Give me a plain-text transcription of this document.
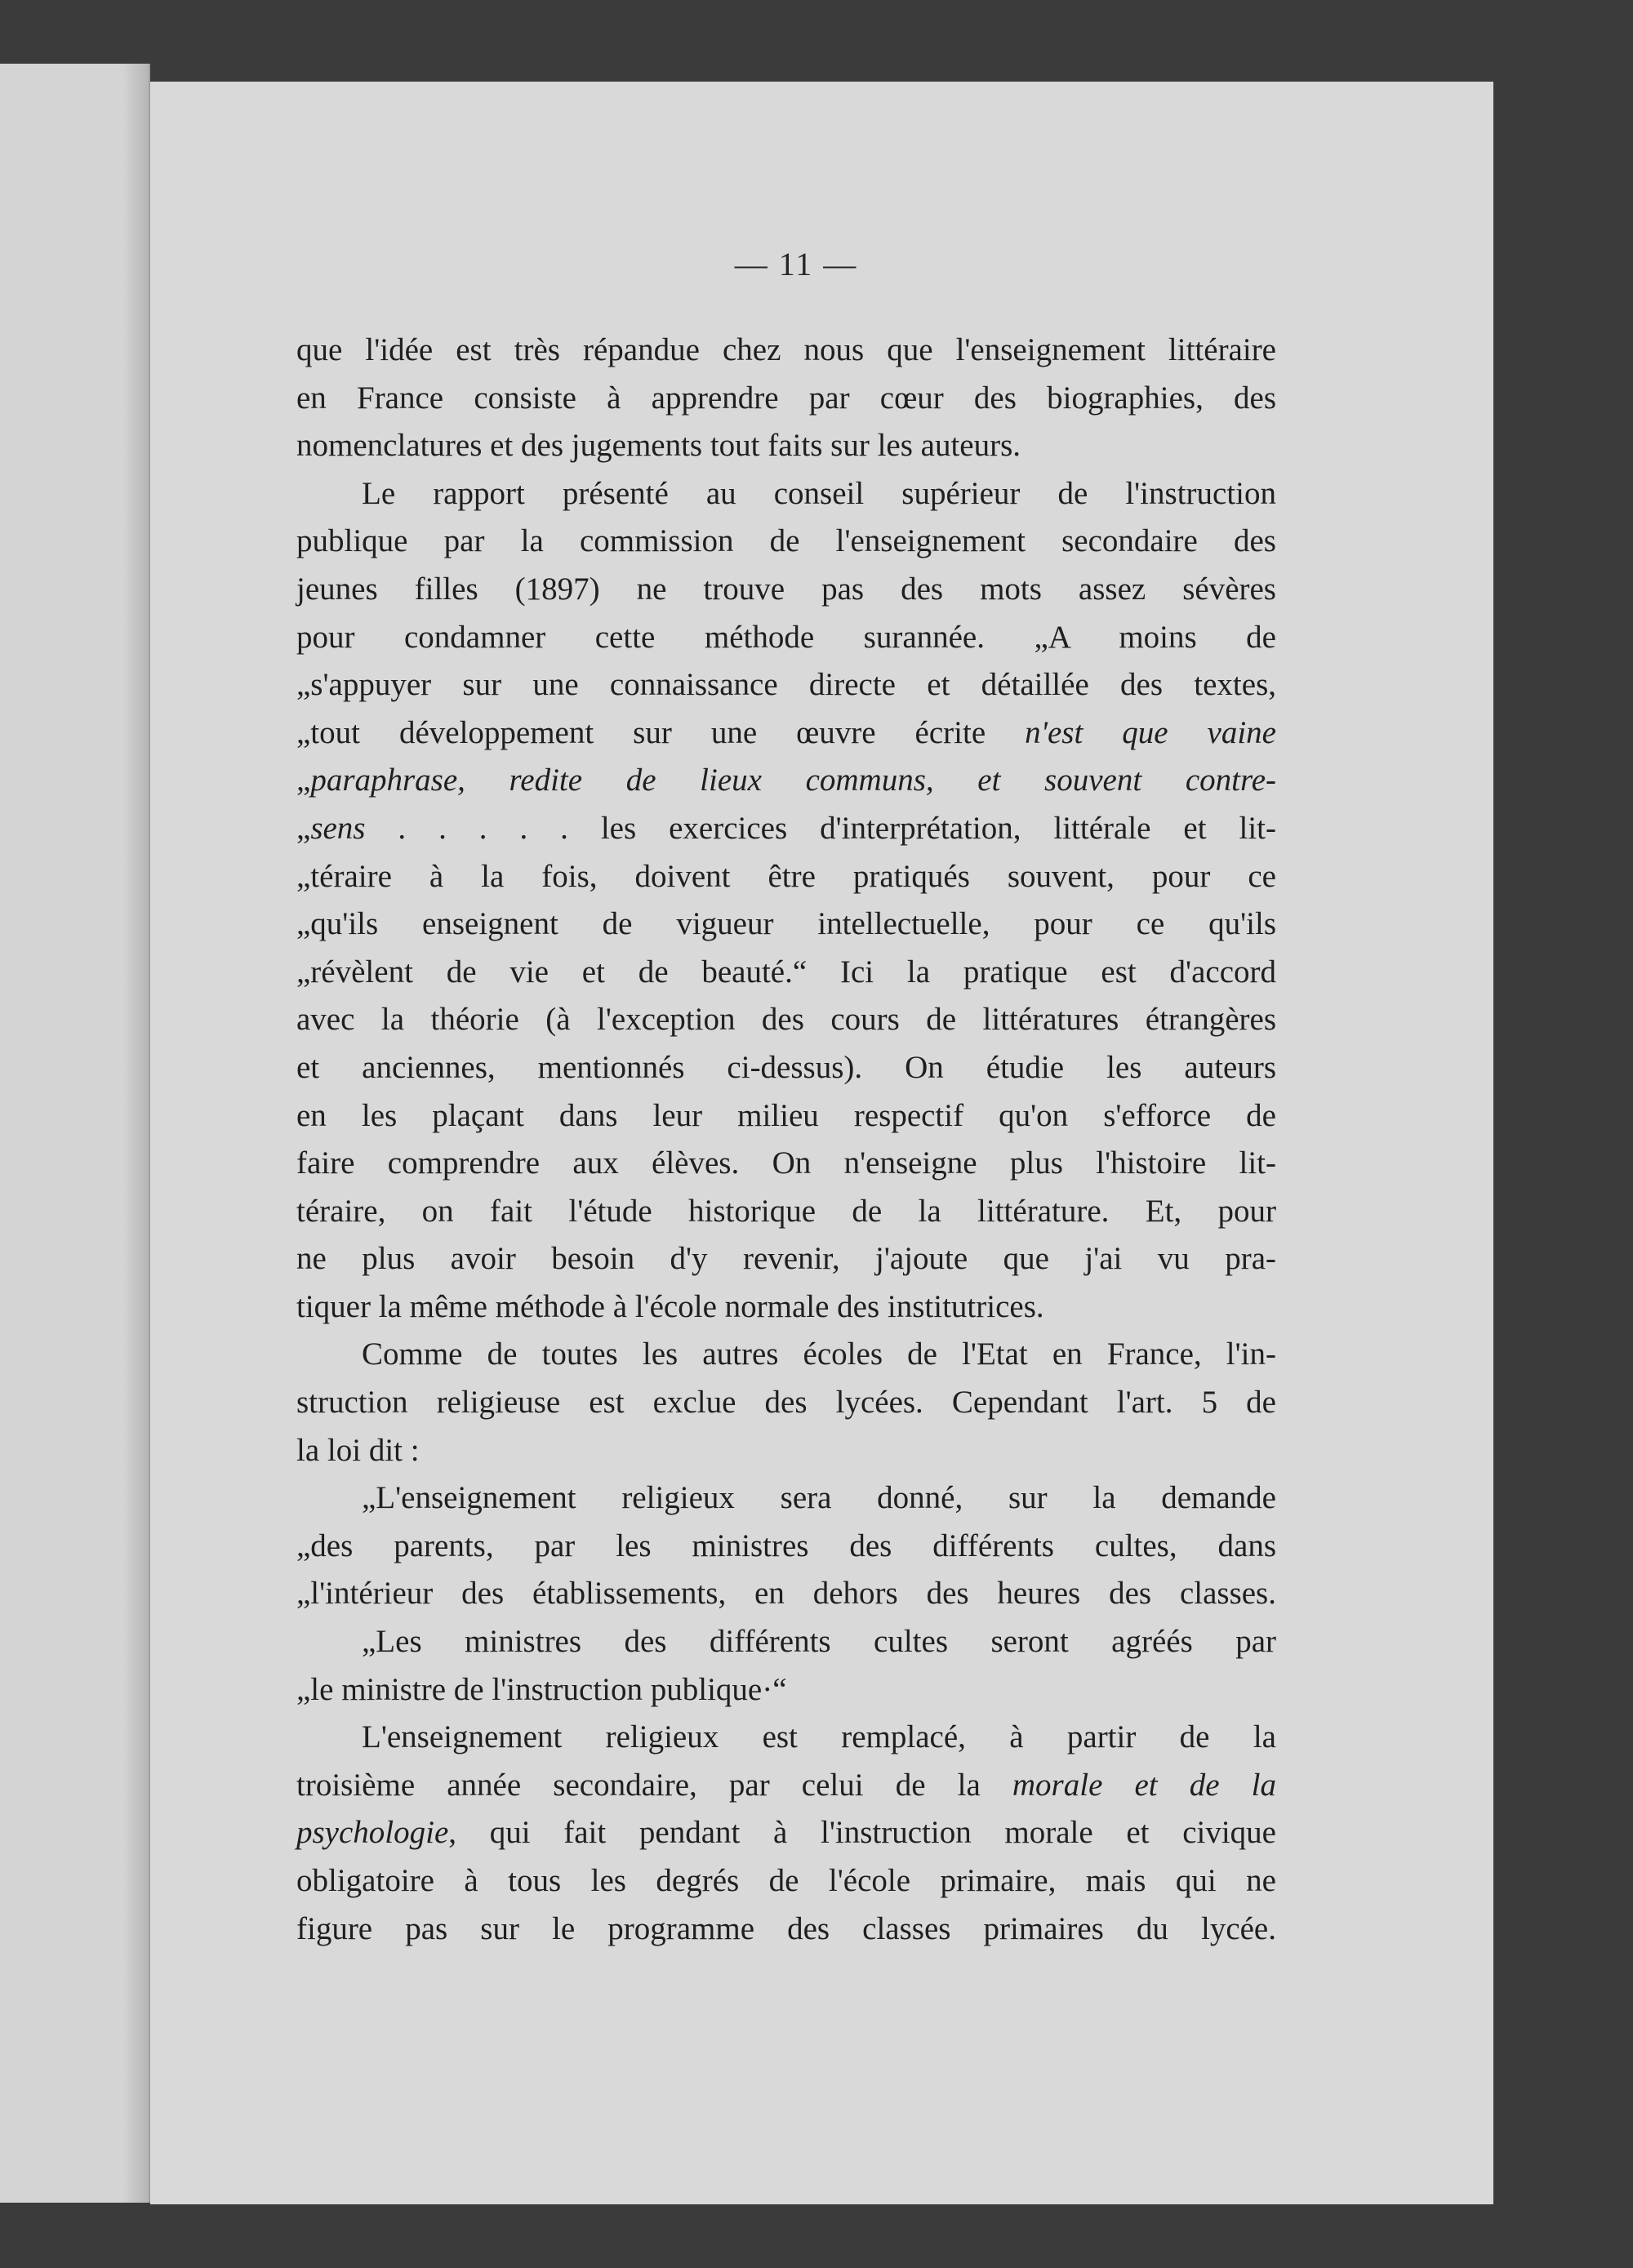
— 11 —
que l'idée est très répandue chez nous que l'enseignement littéraire
en France consiste à apprendre par cœur des biographies, des
nomenclatures et des jugements tout faits sur les auteurs.
Le rapport présenté au conseil supérieur de l'instruction
publique par la commission de l'enseignement secondaire des
jeunes filles (1897) ne trouve pas des mots assez sévères
pour condamner cette méthode surannée. „A moins de
„s'appuyer sur une connaissance directe et détaillée des textes,
„tout développement sur une œuvre écrite n'est que vaine
„paraphrase, redite de lieux communs, et souvent contre-
„sens . . . . . les exercices d'interprétation, littérale et lit-
„téraire à la fois, doivent être pratiqués souvent, pour ce
„qu'ils enseignent de vigueur intellectuelle, pour ce qu'ils
„révèlent de vie et de beauté.“ Ici la pratique est d'accord
avec la théorie (à l'exception des cours de littératures étrangères
et anciennes, mentionnés ci-dessus). On étudie les auteurs
en les plaçant dans leur milieu respectif qu'on s'efforce de
faire comprendre aux élèves. On n'enseigne plus l'histoire lit-
téraire, on fait l'étude historique de la littérature. Et, pour
ne plus avoir besoin d'y revenir, j'ajoute que j'ai vu pra-
tiquer la même méthode à l'école normale des institutrices.
Comme de toutes les autres écoles de l'Etat en France, l'in-
struction religieuse est exclue des lycées. Cependant l'art. 5 de
la loi dit :
„L'enseignement religieux sera donné, sur la demande
„des parents, par les ministres des différents cultes, dans
„l'intérieur des établissements, en dehors des heures des classes.
„Les ministres des différents cultes seront agréés par
„le ministre de l'instruction publique·“
L'enseignement religieux est remplacé, à partir de la
troisième année secondaire, par celui de la morale et de la
psychologie, qui fait pendant à l'instruction morale et civique
obligatoire à tous les degrés de l'école primaire, mais qui ne
figure pas sur le programme des classes primaires du lycée.
